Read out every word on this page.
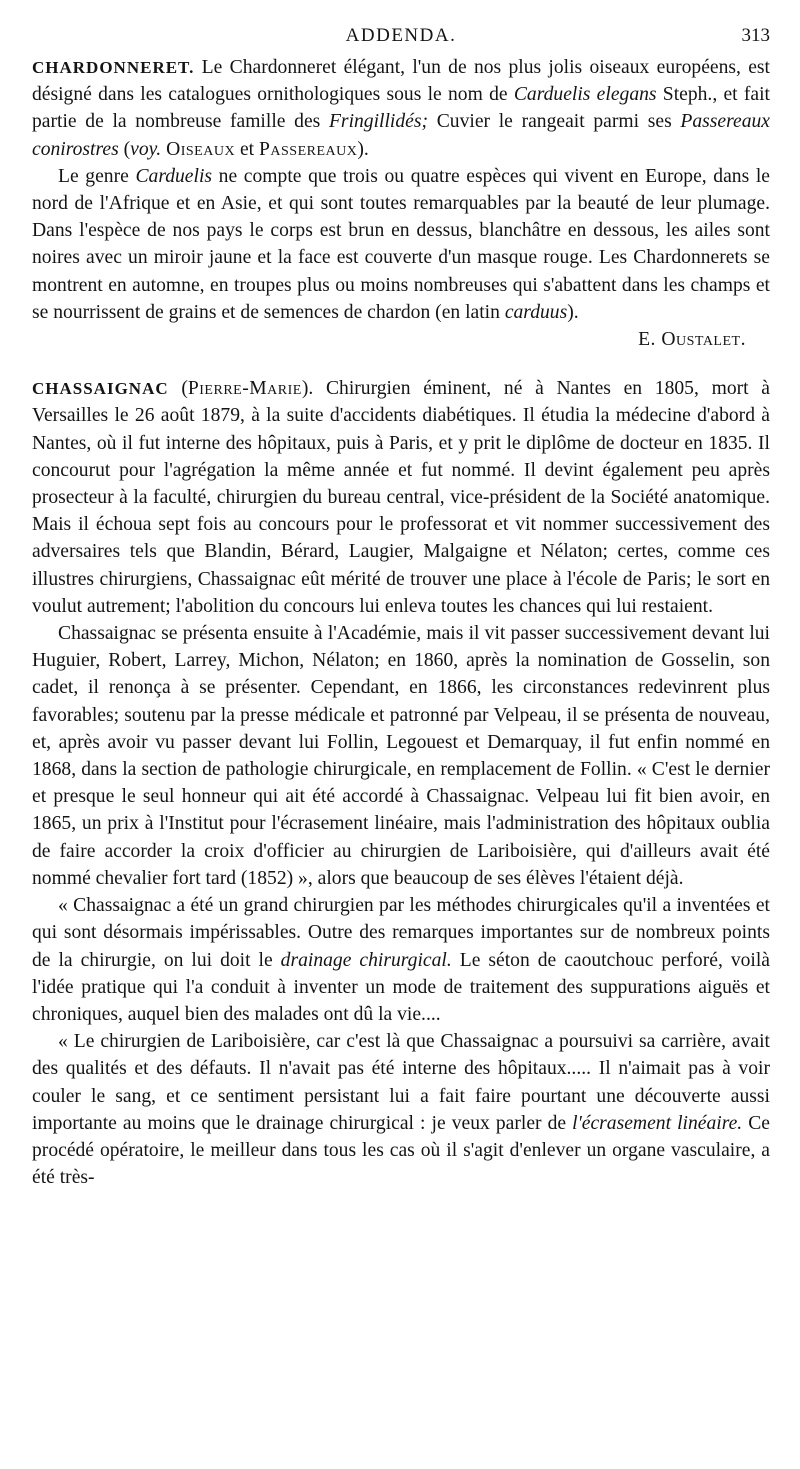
ADDENDA.	313

CHARDONNERET. Le Chardonneret élégant, l'un de nos plus jolis oiseaux européens, est désigné dans les catalogues ornithologiques sous le nom de Carduelis elegans Steph., et fait partie de la nombreuse famille des Fringillidés; Cuvier le rangeait parmi ses Passereaux conirostres (voy. Oiseaux et Passereaux).

Le genre Carduelis ne compte que trois ou quatre espèces qui vivent en Europe, dans le nord de l'Afrique et en Asie, et qui sont toutes remarquables par la beauté de leur plumage. Dans l'espèce de nos pays le corps est brun en dessus, blanchâtre en dessous, les ailes sont noires avec un miroir jaune et la face est couverte d'un masque rouge. Les Chardonnerets se montrent en automne, en troupes plus ou moins nombreuses qui s'abattent dans les champs et se nourrissent de grains et de semences de chardon (en latin carduus).

E. Oustalet.

CHASSAIGNAC (Pierre-Marie). Chirurgien éminent, né à Nantes en 1805, mort à Versailles le 26 août 1879, à la suite d'accidents diabétiques. Il étudia la médecine d'abord à Nantes, où il fut interne des hôpitaux, puis à Paris, et y prit le diplôme de docteur en 1835. Il concourut pour l'agrégation la même année et fut nommé. Il devint également peu après prosecteur à la faculté, chirurgien du bureau central, vice-président de la Société anatomique. Mais il échoua sept fois au concours pour le professorat et vit nommer successivement des adversaires tels que Blandin, Bérard, Laugier, Malgaigne et Nélaton; certes, comme ces illustres chirurgiens, Chassaignac eût mérité de trouver une place à l'école de Paris; le sort en voulut autrement; l'abolition du concours lui enleva toutes les chances qui lui restaient.

Chassaignac se présenta ensuite à l'Académie, mais il vit passer successivement devant lui Huguier, Robert, Larrey, Michon, Nélaton; en 1860, après la nomination de Gosselin, son cadet, il renonça à se présenter. Cependant, en 1866, les circonstances redevinrent plus favorables; soutenu par la presse médicale et patronné par Velpeau, il se présenta de nouveau, et, après avoir vu passer devant lui Follin, Legouest et Demarquay, il fut enfin nommé en 1868, dans la section de pathologie chirurgicale, en remplacement de Follin. « C'est le dernier et presque le seul honneur qui ait été accordé à Chassaignac. Velpeau lui fit bien avoir, en 1865, un prix à l'Institut pour l'écrasement linéaire, mais l'administration des hôpitaux oublia de faire accorder la croix d'officier au chirurgien de Lariboisière, qui d'ailleurs avait été nommé chevalier fort tard (1852) », alors que beaucoup de ses élèves l'étaient déjà.

« Chassaignac a été un grand chirurgien par les méthodes chirurgicales qu'il a inventées et qui sont désormais impérissables. Outre des remarques importantes sur de nombreux points de la chirurgie, on lui doit le drainage chirurgical. Le séton de caoutchouc perforé, voilà l'idée pratique qui l'a conduit à inventer un mode de traitement des suppurations aiguës et chroniques, auquel bien des malades ont dû la vie....

« Le chirurgien de Lariboisière, car c'est là que Chassaignac a poursuivi sa carrière, avait des qualités et des défauts. Il n'avait pas été interne des hôpitaux..... Il n'aimait pas à voir couler le sang, et ce sentiment persistant lui a fait faire pourtant une découverte aussi importante au moins que le drainage chirurgical : je veux parler de l'écrasement linéaire. Ce procédé opératoire, le meilleur dans tous les cas où il s'agit d'enlever un organe vasculaire, a été très-
